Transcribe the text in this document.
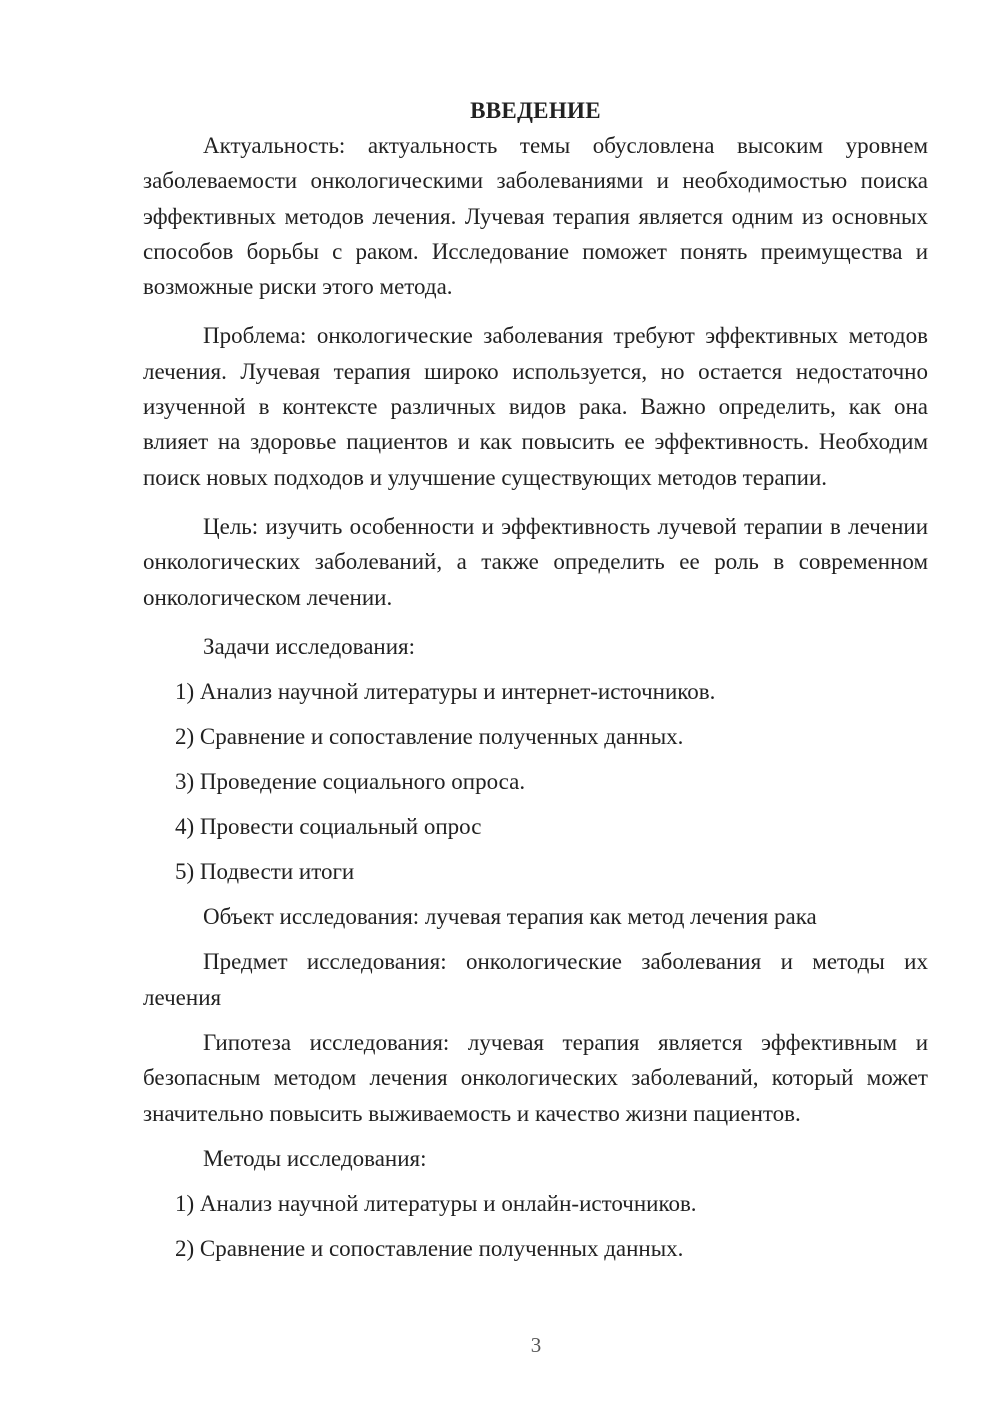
ВВЕДЕНИЕ

Актуальность: актуальность темы обусловлена высоким уровнем заболеваемости онкологическими заболеваниями и необходимостью поиска эффективных методов лечения. Лучевая терапия является одним из основных способов борьбы с раком. Исследование поможет понять преимущества и возможные риски этого метода.

Проблема: онкологические заболевания требуют эффективных методов лечения. Лучевая терапия широко используется, но остается недостаточно изученной в контексте различных видов рака. Важно определить, как она влияет на здоровье пациентов и как повысить ее эффективность. Необходим поиск новых подходов и улучшение существующих методов терапии.

Цель: изучить особенности и эффективность лучевой терапии в лечении онкологических заболеваний, а также определить ее роль в современном онкологическом лечении.

Задачи исследования:

1) Анализ научной литературы и интернет-источников.

2) Сравнение и сопоставление полученных данных.

3) Проведение социального опроса.

4) Провести социальный опрос

5) Подвести итоги

Объект исследования: лучевая терапия как метод лечения рака

Предмет исследования: онкологические заболевания и методы их лечения

Гипотеза исследования: лучевая терапия является эффективным и безопасным методом лечения онкологических заболеваний, который может значительно повысить выживаемость и качество жизни пациентов.

Методы исследования:

1) Анализ научной литературы и онлайн-источников.

2) Сравнение и сопоставление полученных данных.

3
